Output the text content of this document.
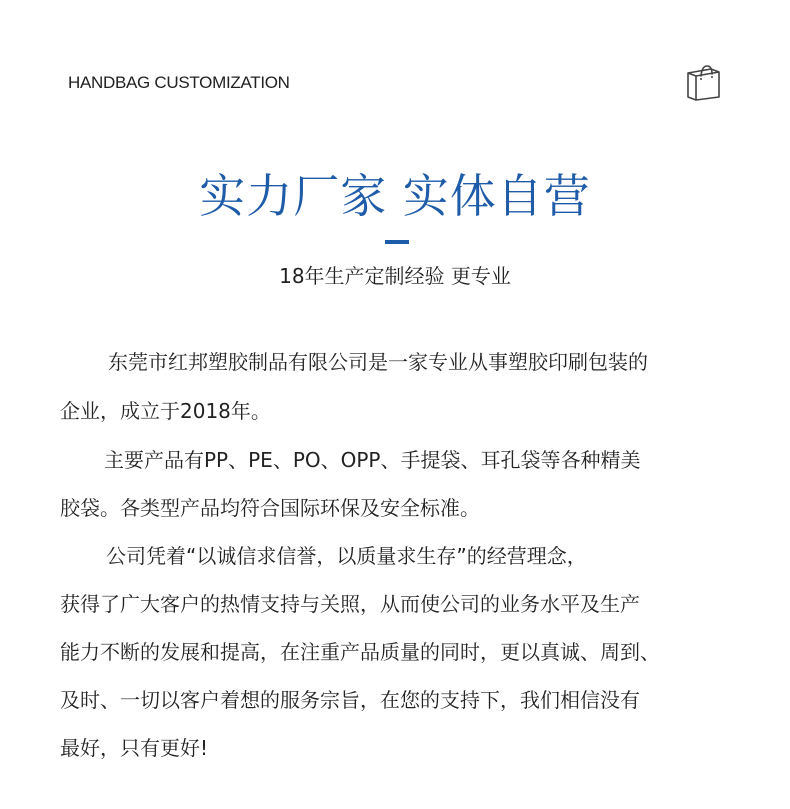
HANDBAG CUSTOMIZATION
实力厂家 实体自营
18年生产定制经验 更专业
东莞市红邦塑胶制品有限公司是一家专业从事塑胶印刷包装的
企业，成立于2018年。
主要产品有PP、PE、PO、OPP、手提袋、耳孔袋等各种精美
胶袋。各类型产品均符合国际环保及安全标准。
公司凭着“以诚信求信誉，以质量求生存”的经营理念，
获得了广大客户的热情支持与关照，从而使公司的业务水平及生产
能力不断的发展和提高，在注重产品质量的同时，更以真诚、周到、
及时、一切以客户着想的服务宗旨，在您的支持下，我们相信没有
最好，只有更好!
